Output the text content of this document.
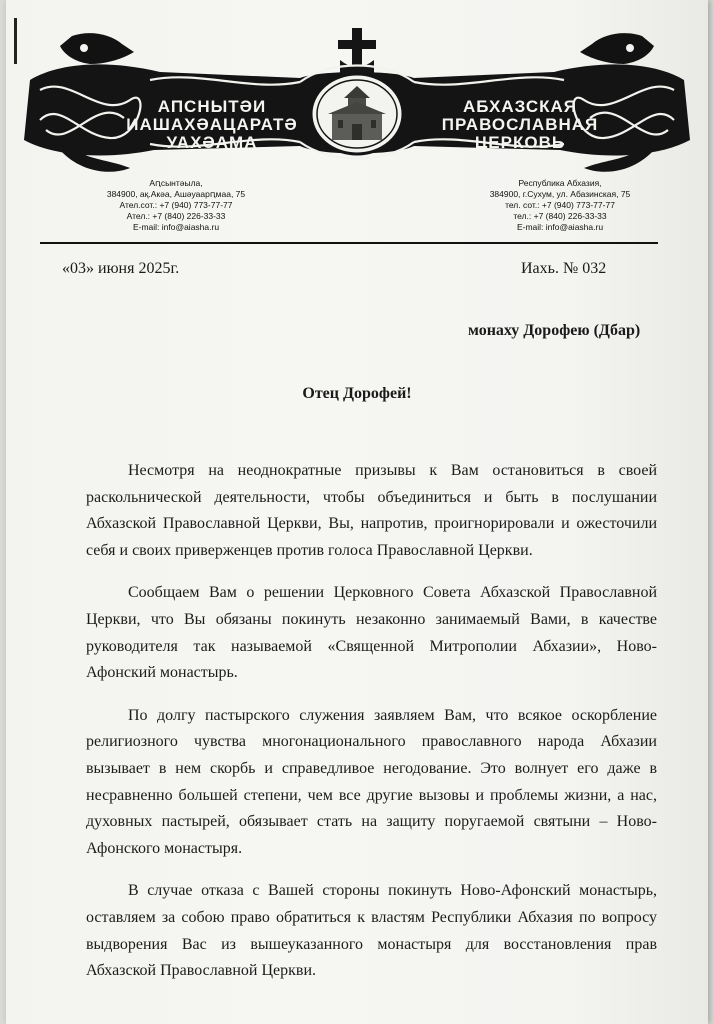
АПСНЫТӘИ
ИАШАХӘАЦАРАТӘ
УАХӘАМА
АБХАЗСКАЯ
ПРАВОСЛАВНАЯ
ЦЕРКОВЬ
Аԥсынтәыла,
384900, ақ.Акәа, Ашәуаарԥмаа, 75
Ател.сот.: +7 (940) 773-77-77
Ател.: +7 (840) 226-33-33
E-mail: info@aiasha.ru
Республика Абхазия,
384900, г.Сухум, ул. Абазинская, 75
тел. сот.: +7 (940) 773-77-77
тел.: +7 (840) 226-33-33
E-mail: info@aiasha.ru
«03» июня 2025г.	Иахь. № 032
монаху Дорофею (Дбар)
Отец Дорофей!

Несмотря на неоднократные призывы к Вам остановиться в своей раскольнической деятельности, чтобы объединиться и быть в послушании Абхазской Православной Церкви, Вы, напротив, проигнорировали и ожесточили себя и своих приверженцев против голоса Православной Церкви.

Сообщаем Вам о решении Церковного Совета Абхазской Православной Церкви, что Вы обязаны покинуть незаконно занимаемый Вами, в качестве руководителя так называемой «Священной Митрополии Абхазии», Ново-Афонский монастырь.

По долгу пастырского служения заявляем Вам, что всякое оскорбление религиозного чувства многонационального православного народа Абхазии вызывает в нем скорбь и справедливое негодование. Это волнует его даже в несравненно большей степени, чем все другие вызовы и проблемы жизни, а нас, духовных пастырей, обязывает стать на защиту поругаемой святыни – Ново-Афонского монастыря.

В случае отказа с Вашей стороны покинуть Ново-Афонский монастырь, оставляем за собою право обратиться к властям Республики Абхазия по вопросу выдворения Вас из вышеуказанного монастыря для восстановления прав Абхазской Православной Церкви.
